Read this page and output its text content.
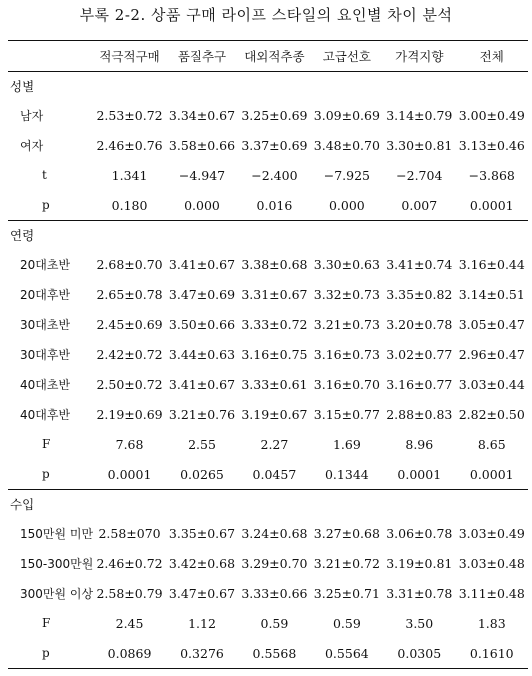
부록 2-2. 상품 구매 라이프 스타일의 요인별 차이 분석
	적극적구매	품질추구	대외적추종	고급선호	가격지향	전체
성별						
남자	2.53±0.72	3.34±0.67	3.25±0.69	3.09±0.69	3.14±0.79	3.00±0.49
여자	2.46±0.76	3.58±0.66	3.37±0.69	3.48±0.70	3.30±0.81	3.13±0.46
t	1.341	−4.947	−2.400	−7.925	−2.704	−3.868
p	0.180	0.000	0.016	0.000	0.007	0.0001
연령						
20대초반	2.68±0.70	3.41±0.67	3.38±0.68	3.30±0.63	3.41±0.74	3.16±0.44
20대후반	2.65±0.78	3.47±0.69	3.31±0.67	3.32±0.73	3.35±0.82	3.14±0.51
30대초반	2.45±0.69	3.50±0.66	3.33±0.72	3.21±0.73	3.20±0.78	3.05±0.47
30대후반	2.42±0.72	3.44±0.63	3.16±0.75	3.16±0.73	3.02±0.77	2.96±0.47
40대초반	2.50±0.72	3.41±0.67	3.33±0.61	3.16±0.70	3.16±0.77	3.03±0.44
40대후반	2.19±0.69	3.21±0.76	3.19±0.67	3.15±0.77	2.88±0.83	2.82±0.50
F	7.68	2.55	2.27	1.69	8.96	8.65
p	0.0001	0.0265	0.0457	0.1344	0.0001	0.0001
수입						
150만원 미만	2.58±070	3.35±0.67	3.24±0.68	3.27±0.68	3.06±0.78	3.03±0.49
150-300만원	2.46±0.72	3.42±0.68	3.29±0.70	3.21±0.72	3.19±0.81	3.03±0.48
300만원 이상	2.58±0.79	3.47±0.67	3.33±0.66	3.25±0.71	3.31±0.78	3.11±0.48
F	2.45	1.12	0.59	0.59	3.50	1.83
p	0.0869	0.3276	0.5568	0.5564	0.0305	0.1610
